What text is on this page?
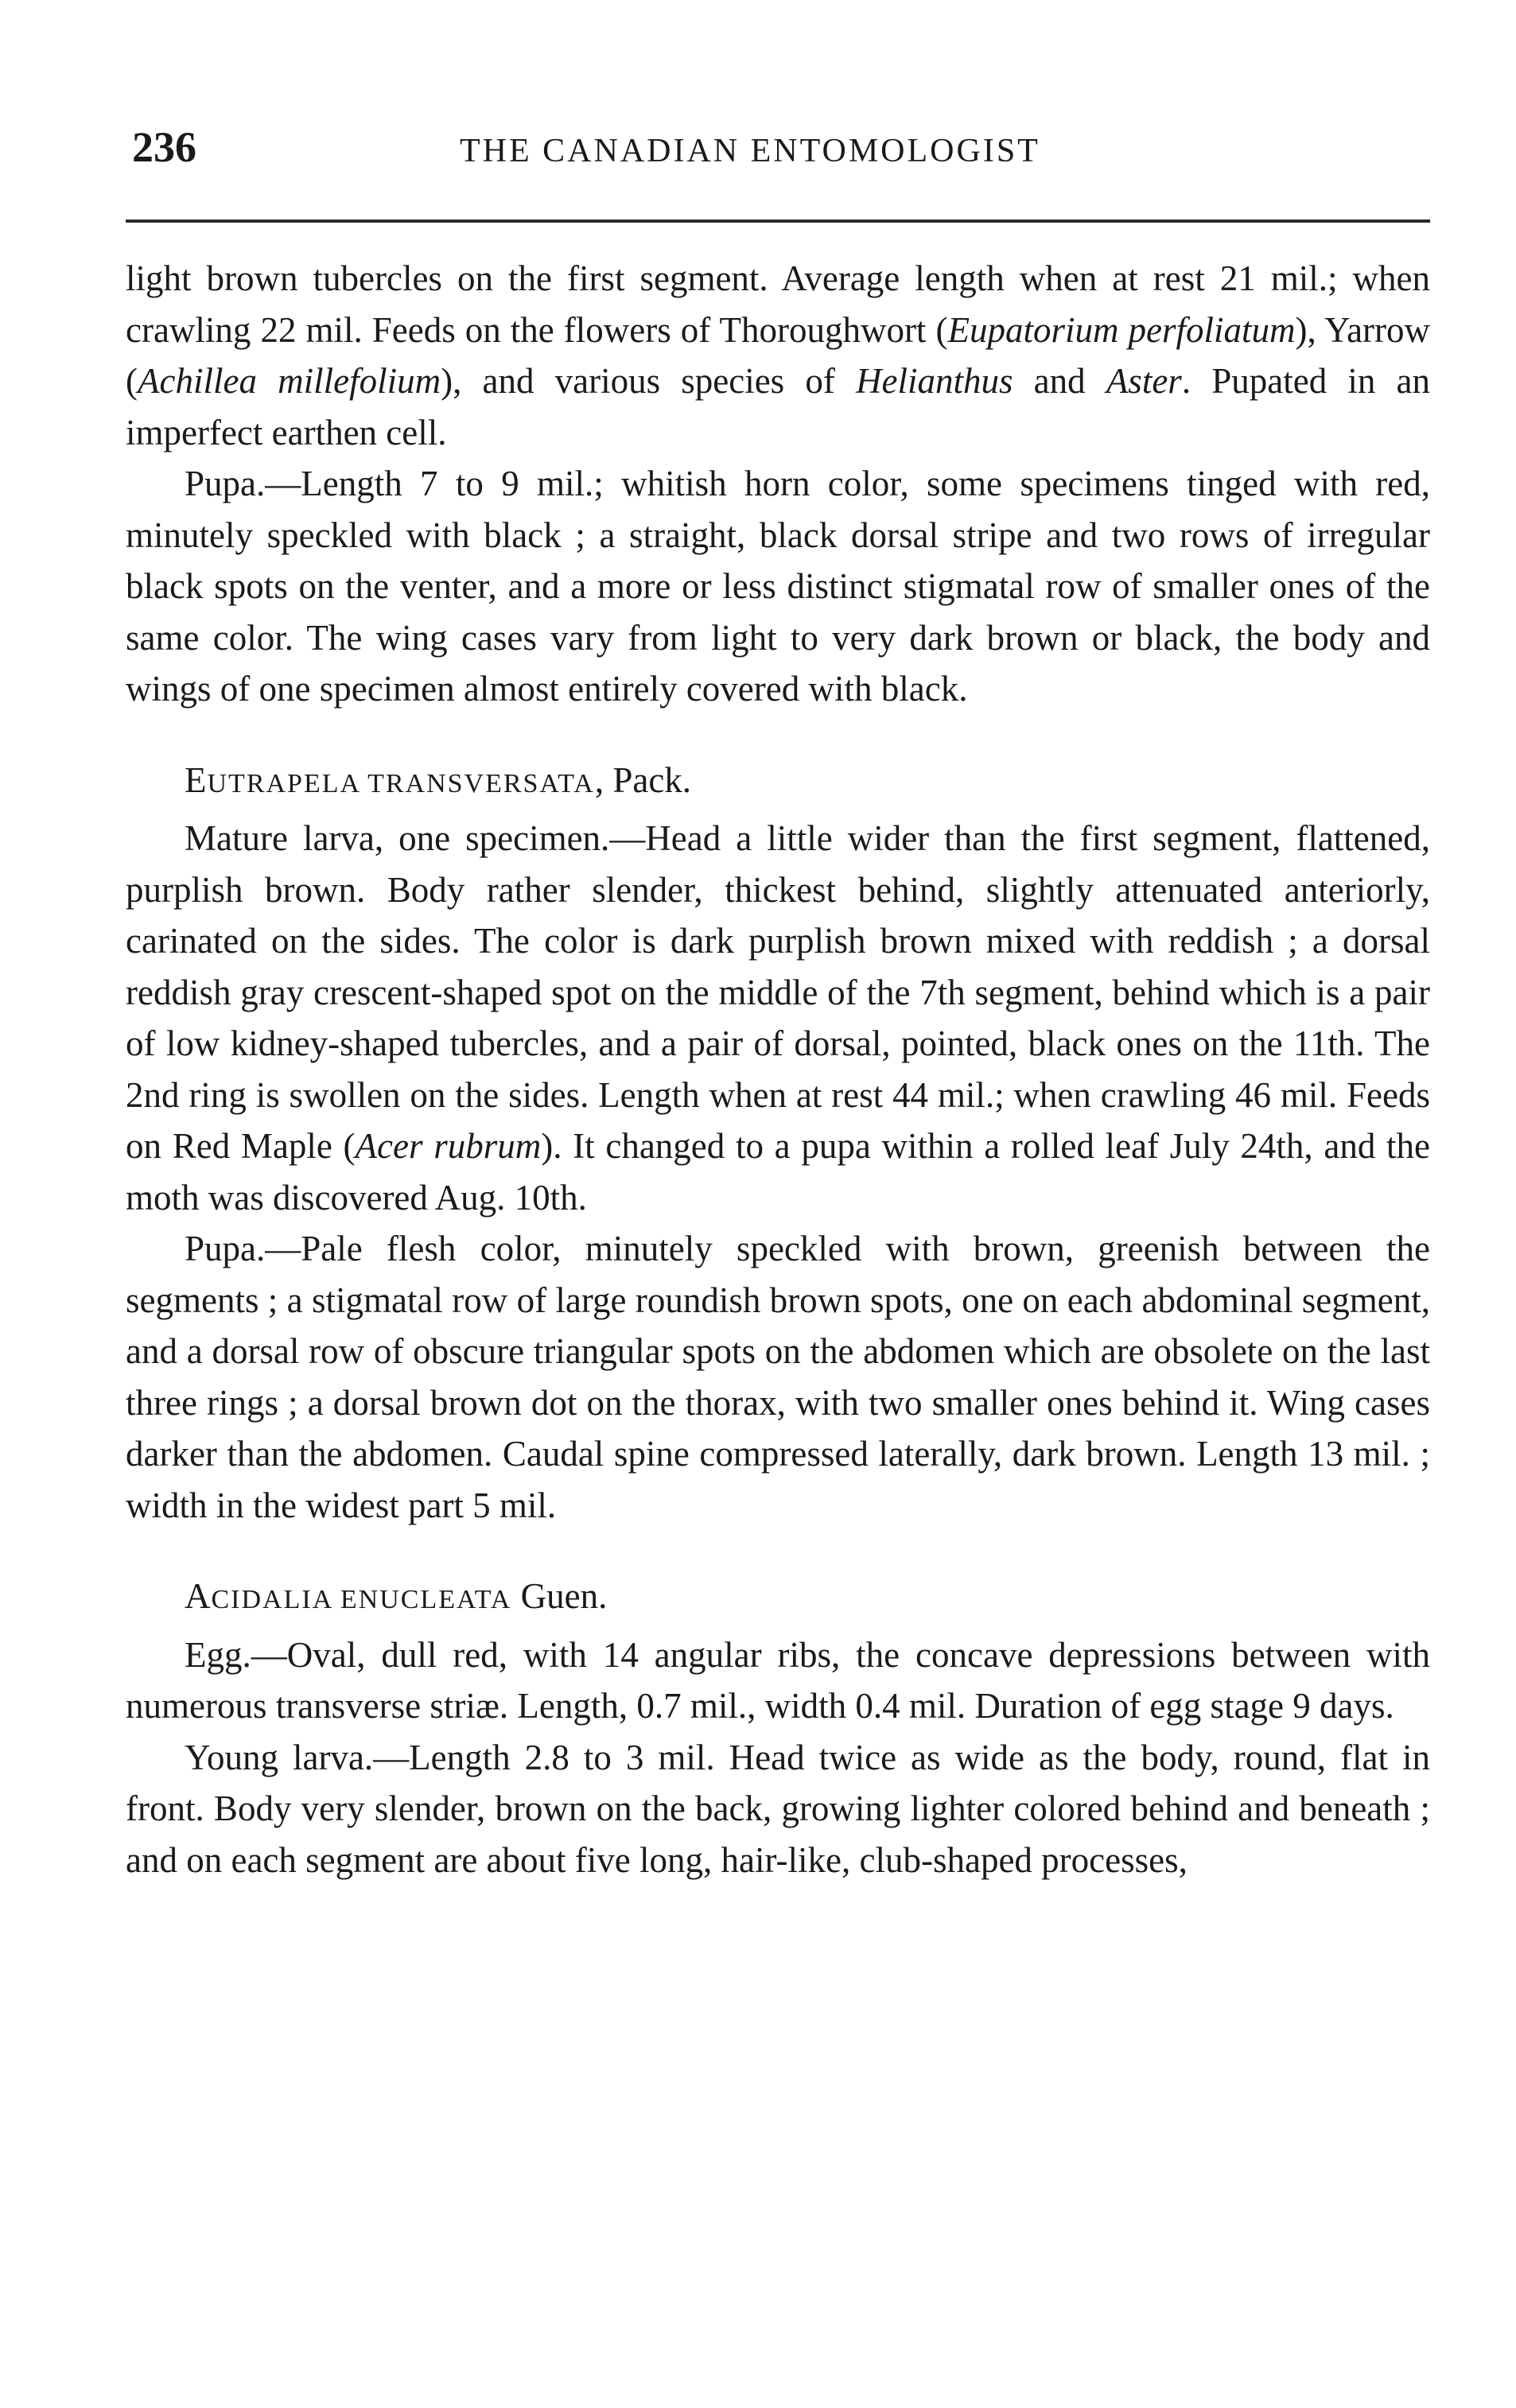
236	THE CANADIAN ENTOMOLOGIST

light brown tubercles on the first segment. Average length when at rest 21 mil.; when crawling 22 mil. Feeds on the flowers of Thoroughwort (Eupatorium perfoliatum), Yarrow (Achillea millefolium), and various species of Helianthus and Aster. Pupated in an imperfect earthen cell.

Pupa.—Length 7 to 9 mil.; whitish horn color, some specimens tinged with red, minutely speckled with black ; a straight, black dorsal stripe and two rows of irregular black spots on the venter, and a more or less distinct stigmatal row of smaller ones of the same color. The wing cases vary from light to very dark brown or black, the body and wings of one specimen almost entirely covered with black.

EUTRAPELA TRANSVERSATA, Pack.

Mature larva, one specimen.—Head a little wider than the first segment, flattened, purplish brown. Body rather slender, thickest behind, slightly attenuated anteriorly, carinated on the sides. The color is dark purplish brown mixed with reddish ; a dorsal reddish gray crescent-shaped spot on the middle of the 7th segment, behind which is a pair of low kidney-shaped tubercles, and a pair of dorsal, pointed, black ones on the 11th. The 2nd ring is swollen on the sides. Length when at rest 44 mil.; when crawling 46 mil. Feeds on Red Maple (Acer rubrum). It changed to a pupa within a rolled leaf July 24th, and the moth was discovered Aug. 10th.

Pupa.—Pale flesh color, minutely speckled with brown, greenish between the segments ; a stigmatal row of large roundish brown spots, one on each abdominal segment, and a dorsal row of obscure triangular spots on the abdomen which are obsolete on the last three rings ; a dorsal brown dot on the thorax, with two smaller ones behind it. Wing cases darker than the abdomen. Caudal spine compressed laterally, dark brown. Length 13 mil. ; width in the widest part 5 mil.

ACIDALIA ENUCLEATA Guen.

Egg.—Oval, dull red, with 14 angular ribs, the concave depressions between with numerous transverse striæ. Length, 0.7 mil., width 0.4 mil. Duration of egg stage 9 days.

Young larva.—Length 2.8 to 3 mil. Head twice as wide as the body, round, flat in front. Body very slender, brown on the back, growing lighter colored behind and beneath ; and on each segment are about five long, hair-like, club-shaped processes,
